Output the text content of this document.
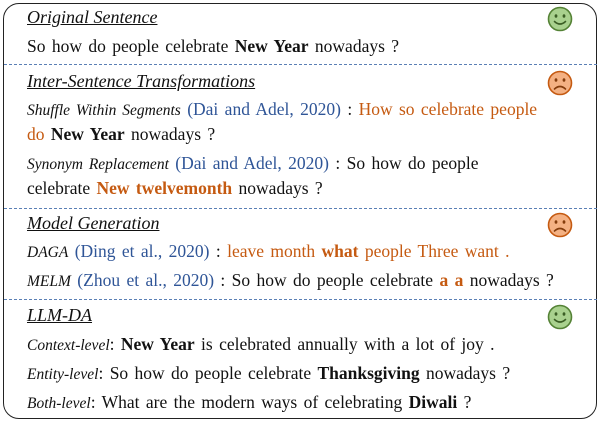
Original Sentence
So how do people celebrate New Year nowadays ?
Inter-Sentence Transformations
Shuffle Within Segments (Dai and Adel, 2020) : How so celebrate people
do New Year nowadays ?
Synonym Replacement (Dai and Adel, 2020) : So how do people
celebrate New twelvemonth nowadays ?
Model Generation
DAGA (Ding et al., 2020) : leave month what people Three want .
MELM (Zhou et al., 2020) : So how do people celebrate a a nowadays ?
LLM-DA
Context-level: New Year is celebrated annually with a lot of joy .
Entity-level: So how do people celebrate Thanksgiving nowadays ?
Both-level: What are the modern ways of celebrating Diwali ?
